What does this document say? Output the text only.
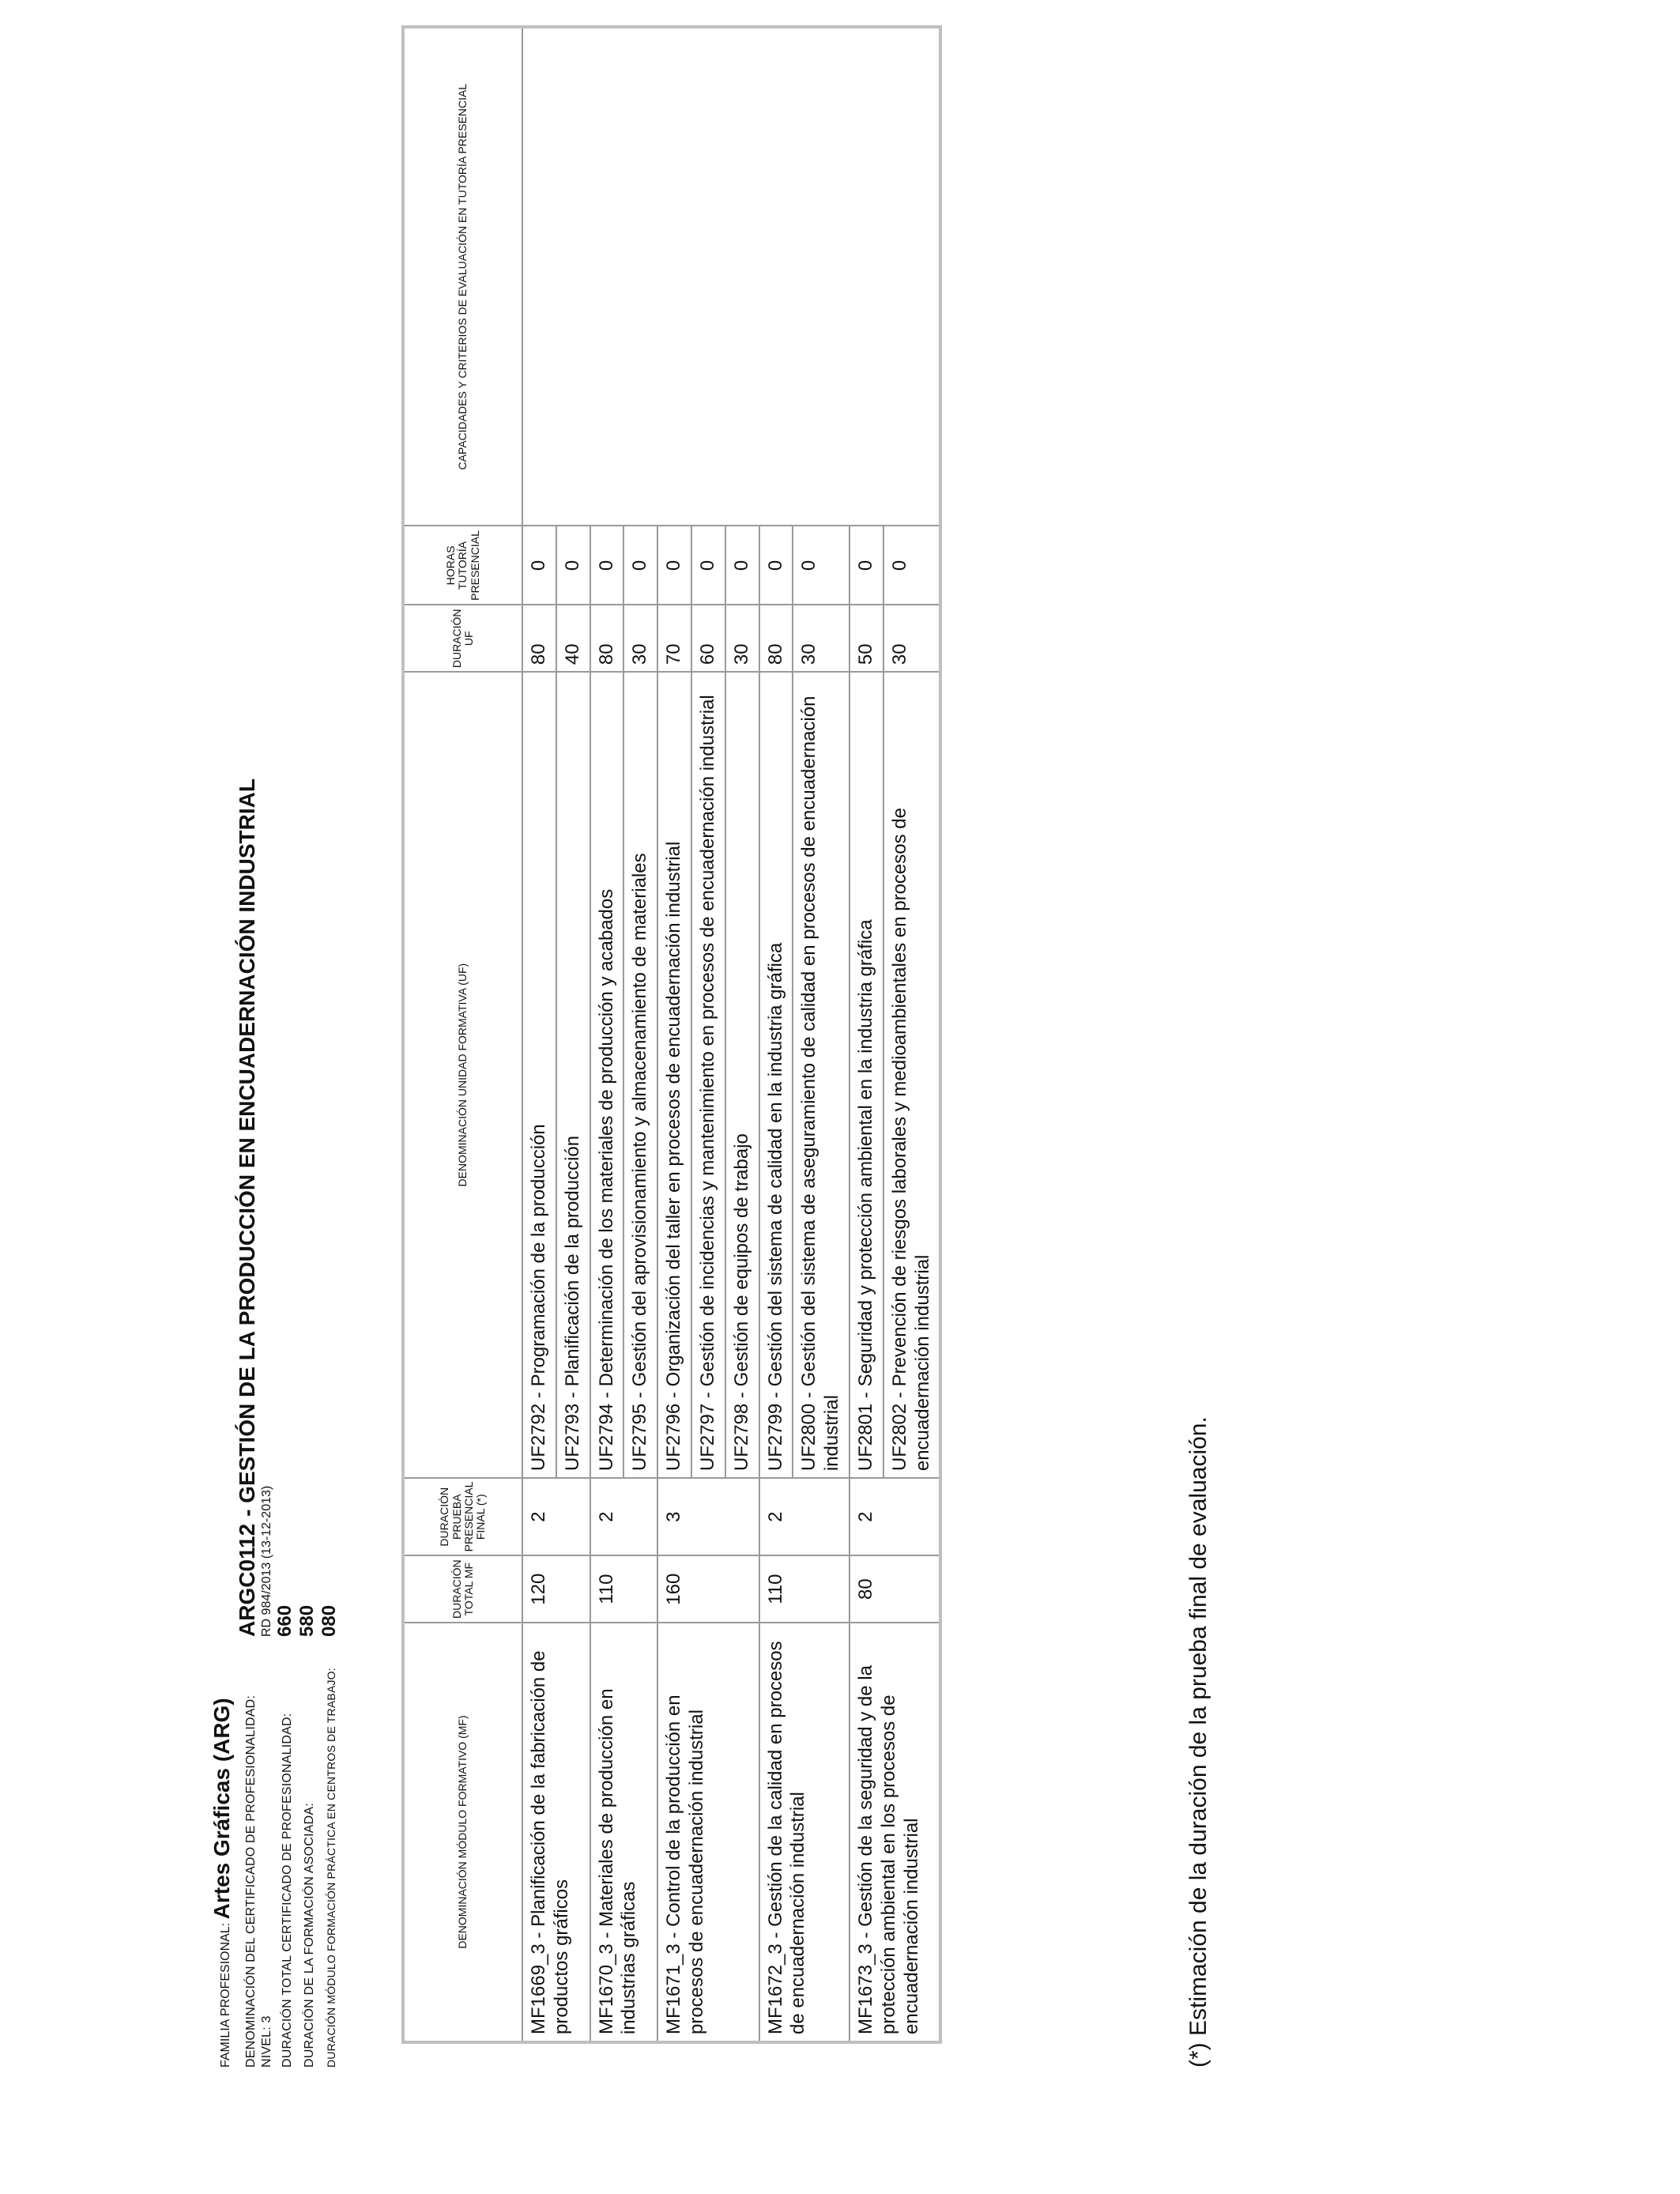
FAMILIA PROFESIONAL:

Artes Gráficas (ARG) DENOMINACIÓN DEL CERTIFICADO DE PROFESIONALIDAD:
ARGC0112

- GESTIÓN DE LA PRODUCCIÓN EN ENCUADERNACIÓN INDUSTRIAL
NIVEL: 3
RD 984/2013 (13-12-2013)
DURACIÓN TOTAL CERTIFICADO DE PROFESIONALIDAD:
660
DURACIÓN DE LA FORMACIÓN ASOCIADA:
580
DURACIÓN MÓDULO FORMACIÓN PRÁCTICA EN CENTROS DE TRABAJO:
080
DENOMINACIÓN MÓDULO FORMATIVO (MF)	DURACIÓN TOTAL MF	DURACIÓN PRUEBA PRESENCIAL FINAL (*)	DENOMINACIÓN UNIDAD FORMATIVA (UF)	DURACIÓN UF	HORAS TUTORÍA PRESENCIAL	CAPACIDADES Y CRITERIOS DE EVALUACIÓN EN TUTORÍA PRESENCIAL
MF1669_3 - Planificación de la fabricación de productos gráficos	120	2	UF2792 - Programación de la producción	80	0	
			UF2793 - Planificación de la producción	40	0	
MF1670_3 - Materiales de producción en industrias gráficas	110	2	UF2794 - Determinación de los materiales de producción y acabados	80	0	
			UF2795 - Gestión del aprovisionamiento y almacenamiento de materiales	30	0	
MF1671_3 - Control de la producción en procesos de encuadernación industrial	160	3	UF2796 - Organización del taller en procesos de encuadernación industrial	70	0	
			UF2797 - Gestión de incidencias y mantenimiento en procesos de encuadernación industrial	60	0	
			UF2798 - Gestión de equipos de trabajo	30	0	
MF1672_3 - Gestión de la calidad en procesos de encuadernación industrial	110	2	UF2799 - Gestión del sistema de calidad en la industria gráfica	80	0	
			UF2800 - Gestión del sistema de aseguramiento de calidad en procesos de encuadernación industrial	30	0	
MF1673_3 - Gestión de la seguridad y de la protección ambiental en los procesos de encuadernación industrial	80	2	UF2801 - Seguridad y protección ambiental en la industria gráfica	50	0	
			UF2802 - Prevención de riesgos laborales y medioambientales en procesos de encuadernación industrial	30	0	
(*) Estimación de la duración de la prueba final de evaluación.
